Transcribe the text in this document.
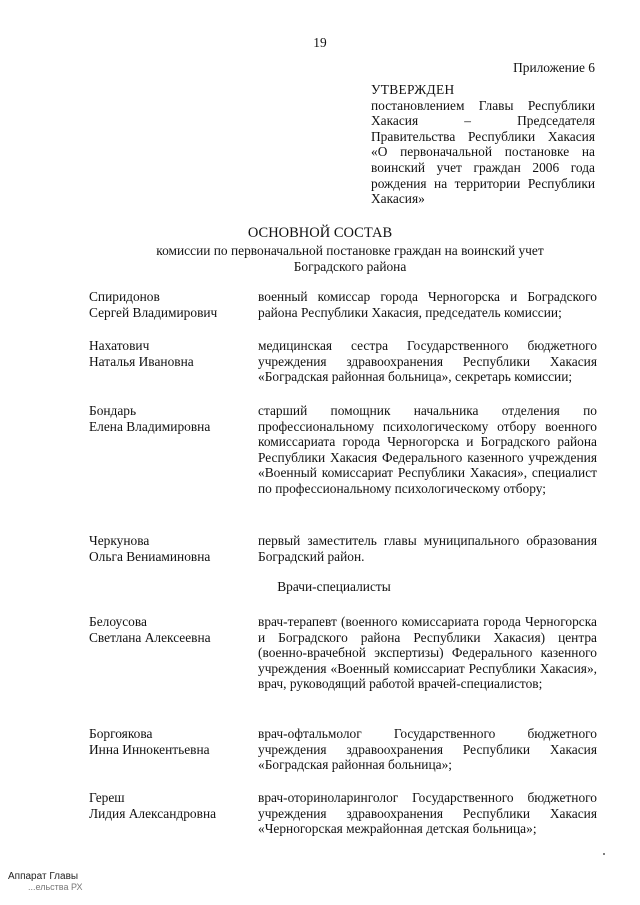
19
Приложение 6
УТВЕРЖДЕН
постановлением Главы Республики Хакасия – Председателя Правительства Республики Хакасия «О первоначальной постановке на воинский учет граждан 2006 года рождения на территории Республики Хакасия»
ОСНОВНОЙ СОСТАВ
комиссии по первоначальной постановке граждан на воинский учет
Боградского района
Спиридонов
Сергей Владимирович
военный комиссар города Черногорска и Боградского района Республики Хакасия, председатель комиссии;
Нахатович
Наталья Ивановна
медицинская сестра Государственного бюджетного учреждения здравоохранения Республики Хакасия «Боградская районная больница», секретарь комиссии;
Бондарь
Елена Владимировна
старший помощник начальника отделения по профессиональному психологическому отбору военного комиссариата города Черногорска и Боградского района Республики Хакасия Федерального казенного учреждения «Военный комиссариат Республики Хакасия», специалист по профессиональному психологическому отбору;
Черкунова
Ольга Вениаминовна
первый заместитель главы муниципального образования Боградский район.
Врачи-специалисты
Белоусова
Светлана Алексеевна
врач-терапевт (военного комиссариата города Черногорска и Боградского района Республики Хакасия) центра (военно-врачебной экспертизы) Федерального казенного учреждения «Военный комиссариат Республики Хакасия», врач, руководящий работой врачей-специалистов;
Боргоякова
Инна Иннокентьевна
врач-офтальмолог Государственного бюджетного учреждения здравоохранения Республики Хакасия «Боградская районная больница»;
Гереш
Лидия Александровна
врач-оториноларинголог Государственного бюджетного учреждения здравоохранения Республики Хакасия «Черногорская межрайонная детская больница»;
Аппарат Главы
...ельства РХ
